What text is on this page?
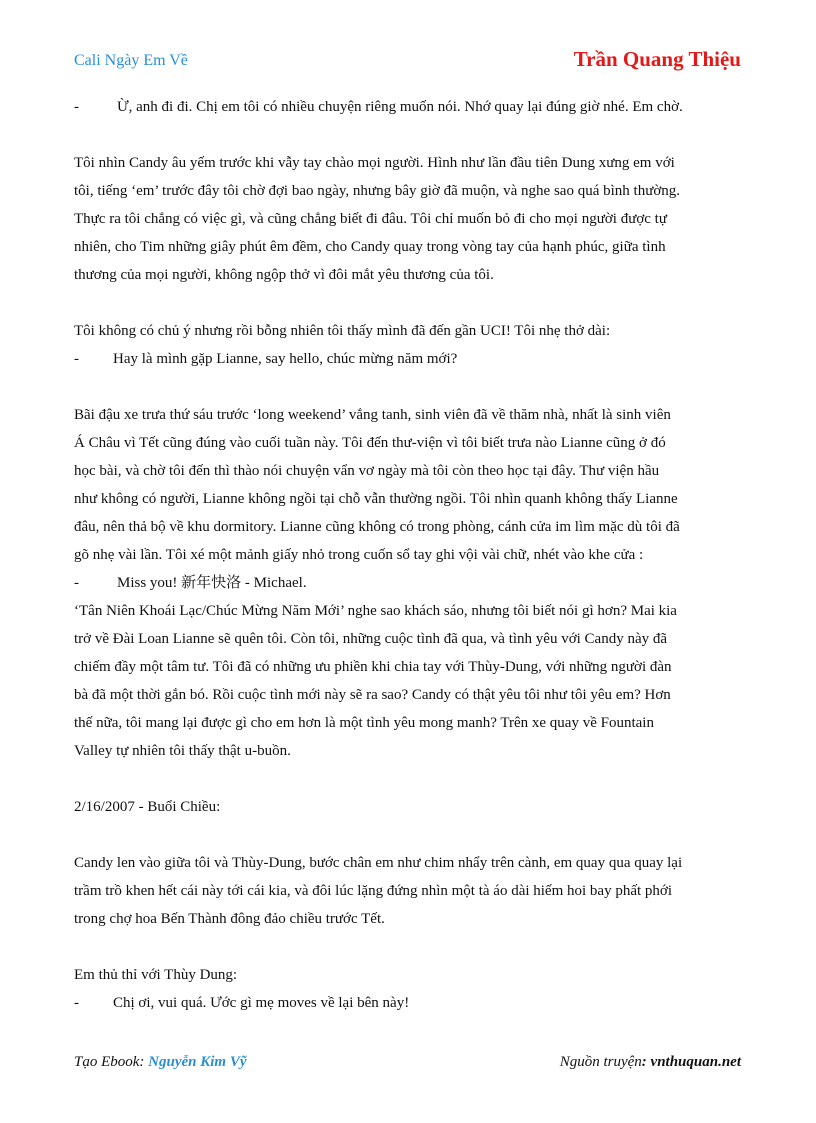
Cali Ngày Em Về	Trần Quang Thiệu
-	Ừ, anh đi đi. Chị em tôi có nhiều chuyện riêng muốn nói. Nhớ quay lại đúng giờ nhé. Em chờ.

Tôi nhìn Candy âu yếm trước khi vẫy tay chào mọi người. Hình như lần đầu tiên Dung xưng em với
tôi, tiếng ‘em’ trước đây tôi chờ đợi bao ngày, nhưng bây giờ đã muộn, và nghe sao quá bình thường.
Thực ra tôi chẳng có việc gì, và cũng chẳng biết đi đâu. Tôi chỉ muốn bỏ đi cho mọi người được tự
nhiên, cho Tim những giây phút êm đềm, cho Candy quay trong vòng tay của hạnh phúc, giữa tình
thương của mọi người, không ngộp thở vì đôi mắt yêu thương của tôi.

Tôi không có chủ ý nhưng rồi bỗng nhiên tôi thấy mình đã đến gần UCI! Tôi nhẹ thở dài:

-	Hay là mình gặp Lianne, say hello, chúc mừng năm mới?

Bãi đậu xe trưa thứ sáu trước ‘long weekend’ vắng tanh, sinh viên đã về thăm nhà, nhất là sinh viên
Á Châu vì Tết cũng đúng vào cuối tuần này. Tôi đến thư-viện vì tôi biết trưa nào Lianne cũng ở đó
học bài, và chờ tôi đến thì thào nói chuyện vẩn vơ ngày mà tôi còn theo học tại đây. Thư viện hầu
như không có người, Lianne không ngồi tại chỗ vẫn thường ngồi. Tôi nhìn quanh không thấy Lianne
đâu, nên thả bộ về khu dormitory. Lianne cũng không có trong phòng, cánh cửa im lìm mặc dù tôi đã
gõ nhẹ vài lần. Tôi xé một mảnh giấy nhỏ trong cuốn sổ tay ghi vội vài chữ, nhét vào khe cửa :

-	Miss you! 新年快洛 - Michael.

‘Tân Niên Khoái Lạc/Chúc Mừng Năm Mới’ nghe sao khách sáo, nhưng tôi biết nói gì hơn? Mai kia
trở về Đài Loan Lianne sẽ quên tôi. Còn tôi, những cuộc tình đã qua, và tình yêu với Candy này đã
chiếm đầy một tâm tư. Tôi đã có những ưu phiền khi chia tay với Thùy-Dung, với những người đàn
bà đã một thời gắn bó. Rồi cuộc tình mới này sẽ ra sao? Candy có thật yêu tôi như tôi yêu em? Hơn
thế nữa, tôi mang lại được gì cho em hơn là một tình yêu mong manh? Trên xe quay về Fountain
Valley tự nhiên tôi thấy thật u-buồn.

2/16/2007 - Buổi Chiều:

Candy len vào giữa tôi và Thùy-Dung, bước chân em như chim nhẩy trên cành, em quay qua quay lại
trầm trồ khen hết cái này tới cái kia, và đôi lúc lặng đứng nhìn một tà áo dài hiếm hoi bay phất phới
trong chợ hoa Bến Thành đông đảo chiều trước Tết.

Em thủ thỉ với Thùy Dung:

-	Chị ơi, vui quá. Ước gì mẹ moves về lại bên này!
Tạo Ebook: Nguyễn Kim Vỹ	Nguồn truyện: vnthuquan.net
